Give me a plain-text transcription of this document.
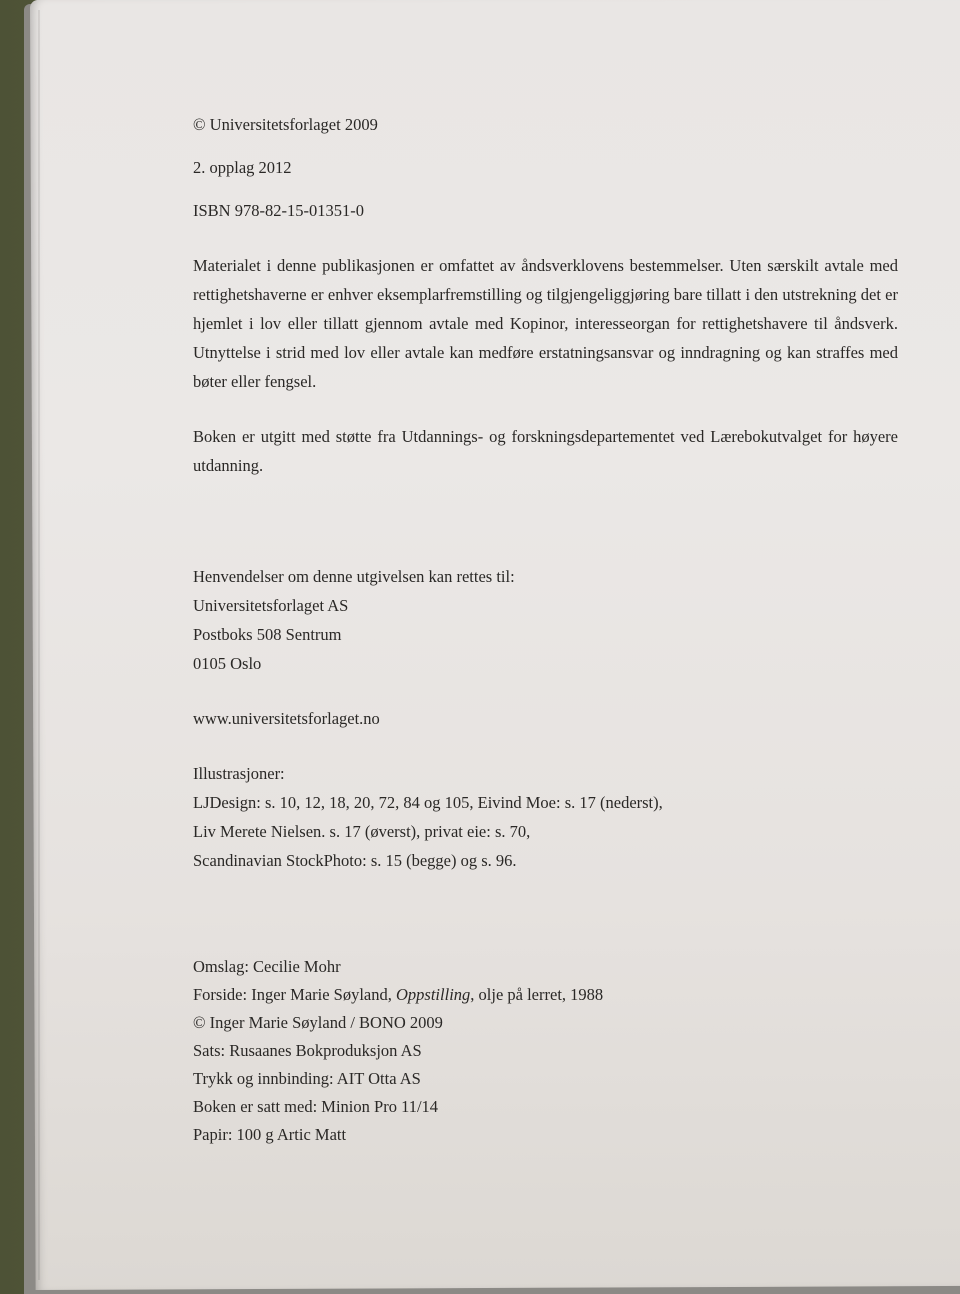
© Universitetsforlaget 2009
2. opplag 2012
ISBN 978-82-15-01351-0
Materialet i denne publikasjonen er omfattet av åndsverklovens bestemmelser. Uten særskilt avtale med rettighetshaverne er enhver eksemplarfremstilling og tilgjengeliggjøring bare tillatt i den utstrekning det er hjemlet i lov eller tillatt gjennom avtale med Kopinor, interesseorgan for rettighetshavere til åndsverk. Utnyttelse i strid med lov eller avtale kan medføre erstatningsansvar og inndragning og kan straffes med bøter eller fengsel.
Boken er utgitt med støtte fra Utdannings- og forskningsdepartementet ved Lærebokutvalget for høyere utdanning.
Henvendelser om denne utgivelsen kan rettes til:
Universitetsforlaget AS
Postboks 508 Sentrum
0105 Oslo
www.universitetsforlaget.no
Illustrasjoner:
LJDesign: s. 10, 12, 18, 20, 72, 84 og 105, Eivind Moe: s. 17 (nederst),
Liv Merete Nielsen. s. 17 (øverst), privat eie: s. 70,
Scandinavian StockPhoto: s. 15 (begge) og s. 96.
Omslag: Cecilie Mohr
Forside: Inger Marie Søyland, Oppstilling, olje på lerret, 1988
© Inger Marie Søyland / BONO 2009
Sats: Rusaanes Bokproduksjon AS
Trykk og innbinding: AIT Otta AS
Boken er satt med: Minion Pro 11/14
Papir: 100 g Artic Matt
